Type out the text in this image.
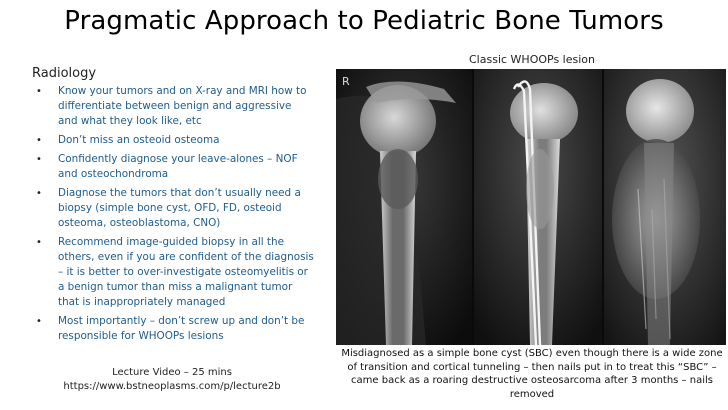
Pragmatic Approach to Pediatric Bone Tumors
Radiology
• Know your tumors and on X-ray and MRI how to differentiate between benign and aggressive and what they look like, etc
• Don’t miss an osteoid osteoma
• Confidently diagnose your leave-alones – NOF and osteochondroma
• Diagnose the tumors that don’t usually need a biopsy (simple bone cyst, OFD, FD, osteoid osteoma, osteoblastoma, CNO)
• Recommend image-guided biopsy in all the others, even if you are confident of the diagnosis – it is better to over-investigate osteomyelitis or a benign tumor than miss a malignant tumor that is inappropriately managed
• Most importantly – don’t screw up and don’t be responsible for WHOOPs lesions
Lecture Video – 25 mins
https://www.bstneoplasms.com/p/lecture2b
Classic WHOOPs lesion
R
Misdiagnosed as a simple bone cyst (SBC) even though there is a wide zone of transition and cortical tunneling – then nails put in to treat this “SBC” – came back as a roaring destructive osteosarcoma after 3 months – nails removed
